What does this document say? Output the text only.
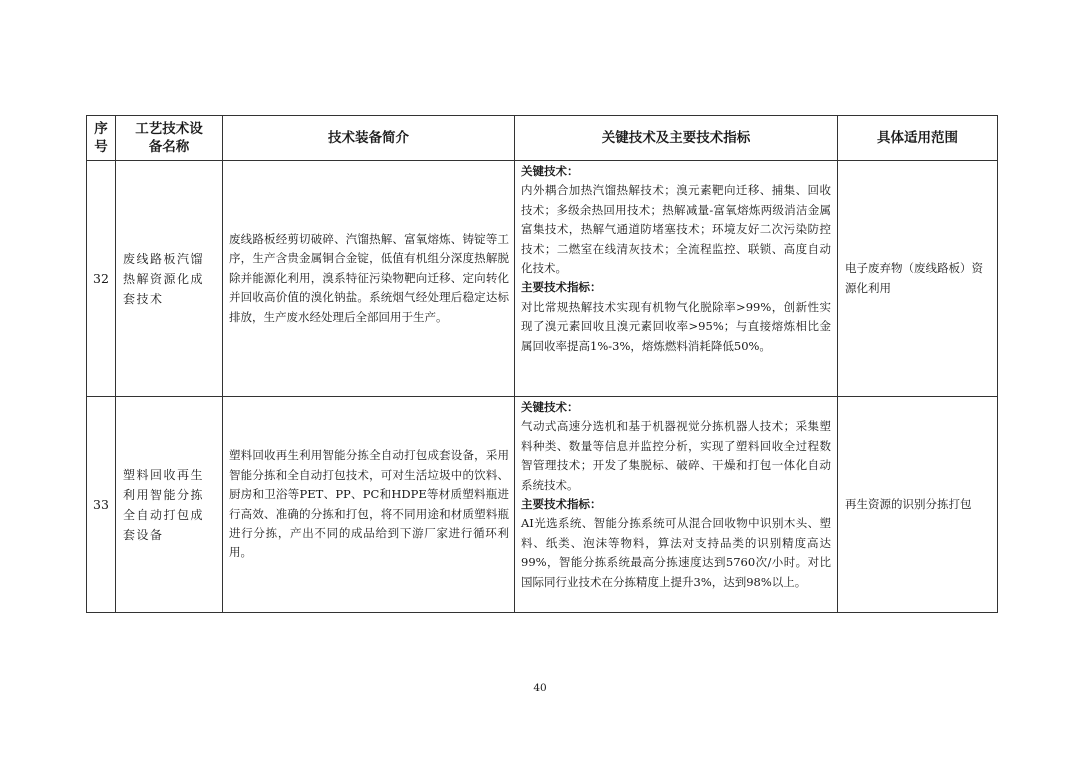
序
号	工艺技术设
备名称	技术装备简介	关键技术及主要技术指标	具体适用范围
32	废线路板汽馏热解资源化成套技术	废线路板经剪切破碎、汽馏热解、富氧熔炼、铸锭等工序，生产含贵金属铜合金锭，低值有机组分深度热解脱除并能源化利用，溴系特征污染物靶向迁移、定向转化并回收高价值的溴化钠盐。系统烟气经处理后稳定达标排放，生产废水经处理后全部回用于生产。	关键技术：
内外耦合加热汽馏热解技术；溴元素靶向迁移、捕集、回收技术；多级余热回用技术；热解减量-富氧熔炼两级消洁金属富集技术，热解气通道防堵塞技术；环境友好二次污染防控技术；二燃室在线清灰技术；全流程监控、联锁、高度自动化技术。
主要技术指标：
对比常规热解技术实现有机物气化脱除率>99%，创新性实现了溴元素回收且溴元素回收率>95%；与直接熔炼相比金属回收率提高1%-3%，熔炼燃料消耗降低50%。	电子废弃物（废线路板）资源化利用
33	塑料回收再生利用智能分拣全自动打包成套设备	塑料回收再生利用智能分拣全自动打包成套设备，采用智能分拣和全自动打包技术，可对生活垃圾中的饮料、厨房和卫浴等PET、PP、PC和HDPE等材质塑料瓶进行高效、准确的分拣和打包，将不同用途和材质塑料瓶进行分拣，产出不同的成品给到下游厂家进行循环利用。	关键技术：
气动式高速分选机和基于机器视觉分拣机器人技术；采集塑料种类、数量等信息并监控分析，实现了塑料回收全过程数智管理技术；开发了集脱标、破碎、干燥和打包一体化自动系统技术。
主要技术指标：
AI光选系统、智能分拣系统可从混合回收物中识别木头、塑料、纸类、泡沫等物料，算法对支持品类的识别精度高达99%，智能分拣系统最高分拣速度达到5760次/小时。对比国际同行业技术在分拣精度上提升3%，达到98%以上。	再生资源的识别分拣打包
40
